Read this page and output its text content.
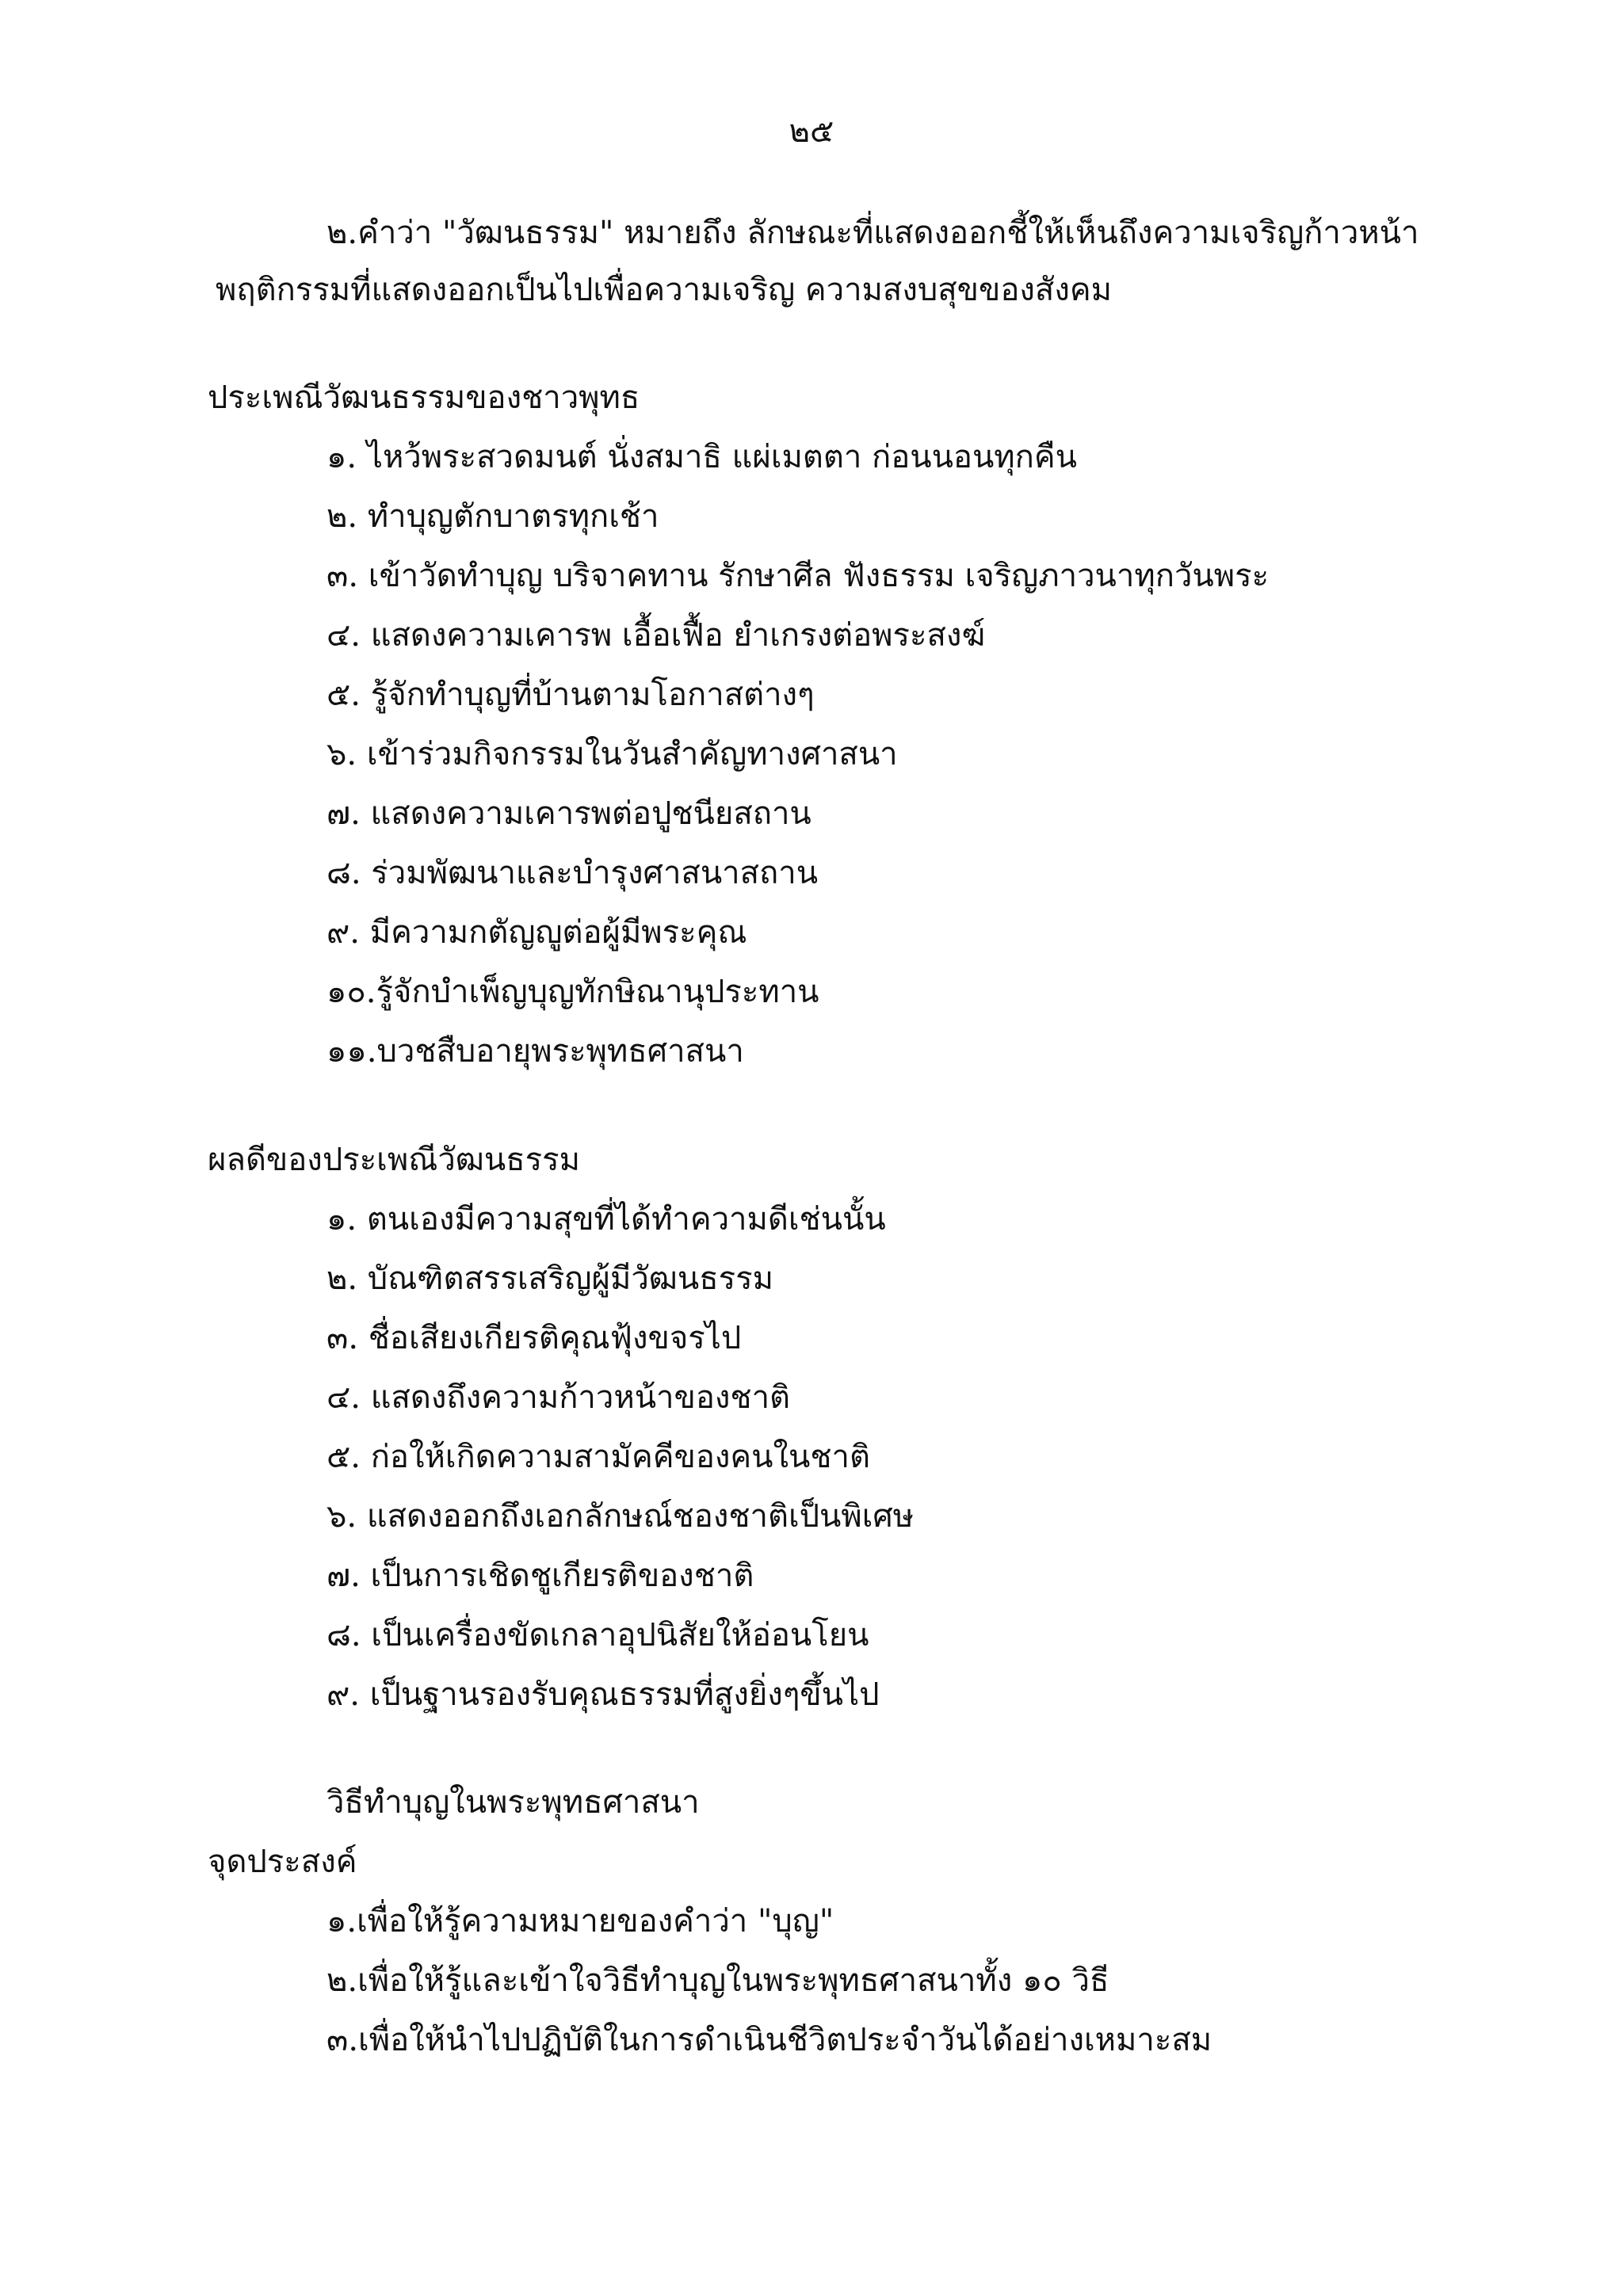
๒๕
๒.คำว่า "วัฒนธรรม" หมายถึง ลักษณะที่แสดงออกชี้ให้เห็นถึงความเจริญก้าวหน้า
พฤติกรรมที่แสดงออกเป็นไปเพื่อความเจริญ ความสงบสุขของสังคม
ประเพณีวัฒนธรรมของชาวพุทธ
๑. ไหว้พระสวดมนต์ นั่งสมาธิ แผ่เมตตา ก่อนนอนทุกคืน
๒. ทำบุญตักบาตรทุกเช้า
๓. เข้าวัดทำบุญ บริจาคทาน รักษาศีล ฟังธรรม เจริญภาวนาทุกวันพระ
๔. แสดงความเคารพ เอื้อเฟื้อ ยำเกรงต่อพระสงฆ์
๕. รู้จักทำบุญที่บ้านตามโอกาสต่างๆ
๖. เข้าร่วมกิจกรรมในวันสำคัญทางศาสนา
๗. แสดงความเคารพต่อปูชนียสถาน
๘. ร่วมพัฒนาและบำรุงศาสนาสถาน
๙. มีความกตัญญูต่อผู้มีพระคุณ
๑๐.รู้จักบำเพ็ญบุญทักษิณานุประทาน
๑๑.บวชสืบอายุพระพุทธศาสนา
ผลดีของประเพณีวัฒนธรรม
๑. ตนเองมีความสุขที่ได้ทำความดีเช่นนั้น
๒. บัณฑิตสรรเสริญผู้มีวัฒนธรรม
๓. ชื่อเสียงเกียรติคุณฟุ้งขจรไป
๔. แสดงถึงความก้าวหน้าของชาติ
๕. ก่อให้เกิดความสามัคคีของคนในชาติ
๖. แสดงออกถึงเอกลักษณ์ชองชาติเป็นพิเศษ
๗. เป็นการเชิดชูเกียรติของชาติ
๘. เป็นเครื่องขัดเกลาอุปนิสัยให้อ่อนโยน
๙. เป็นฐานรองรับคุณธรรมที่สูงยิ่งๆขึ้นไป
วิธีทำบุญในพระพุทธศาสนา
จุดประสงค์
๑.เพื่อให้รู้ความหมายของคำว่า "บุญ"
๒.เพื่อให้รู้และเข้าใจวิธีทำบุญในพระพุทธศาสนาทั้ง ๑๐ วิธี
๓.เพื่อให้นำไปปฏิบัติในการดำเนินชีวิตประจำวันได้อย่างเหมาะสม
